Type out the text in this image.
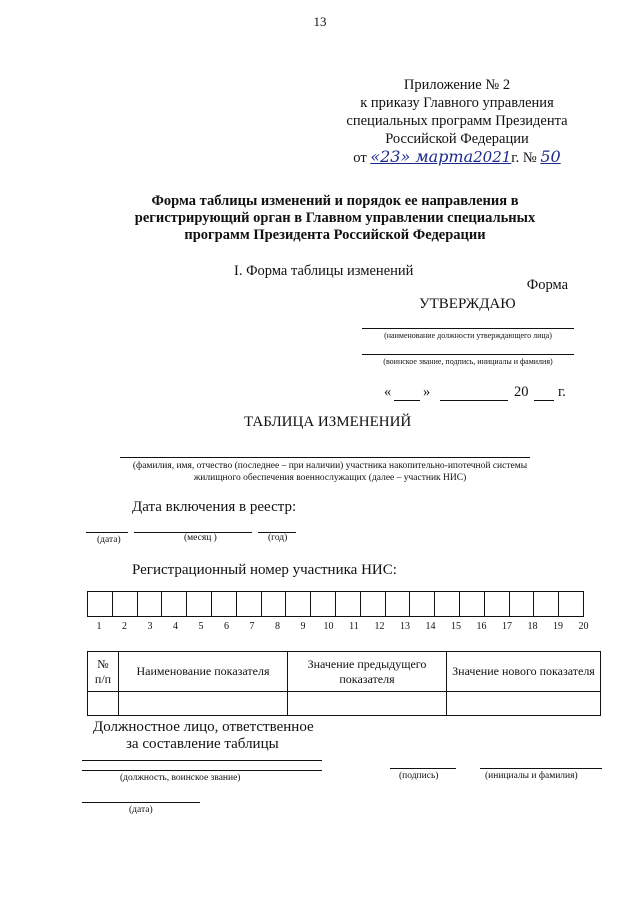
13
Приложение № 2
к приказу Главного управления
специальных программ Президента
Российской Федерации
от «23» марта2021г. № 50
Форма таблицы изменений и порядок ее направления в
регистрирующий орган в Главном управлении специальных
программ Президента Российской Федерации
I. Форма таблицы изменений
Форма
УТВЕРЖДАЮ
(наименование должности утверждающего лица)
(воинское звание, подпись, инициалы и фамилия)
« »	20 г.
ТАБЛИЦА ИЗМЕНЕНИЙ
(фамилия, имя, отчество (последнее – при наличии) участника накопительно-ипотечной системы
жилищного обеспечения военнослужащих (далее – участник НИС)
Дата включения в реестр:
(дата)	(месяц )	(год)
Регистрационный номер участника НИС:

1	2	3	4	5	6	7	8	9	10	11	12	13	14	15	16	17	18	19	20
№ п/п	Наименование показателя	Значение предыдущего показателя	Значение нового показателя

Должностное лицо, ответственное
за составление таблицы
(должность, воинское звание)	(подпись)	(инициалы и фамилия)
(дата)
